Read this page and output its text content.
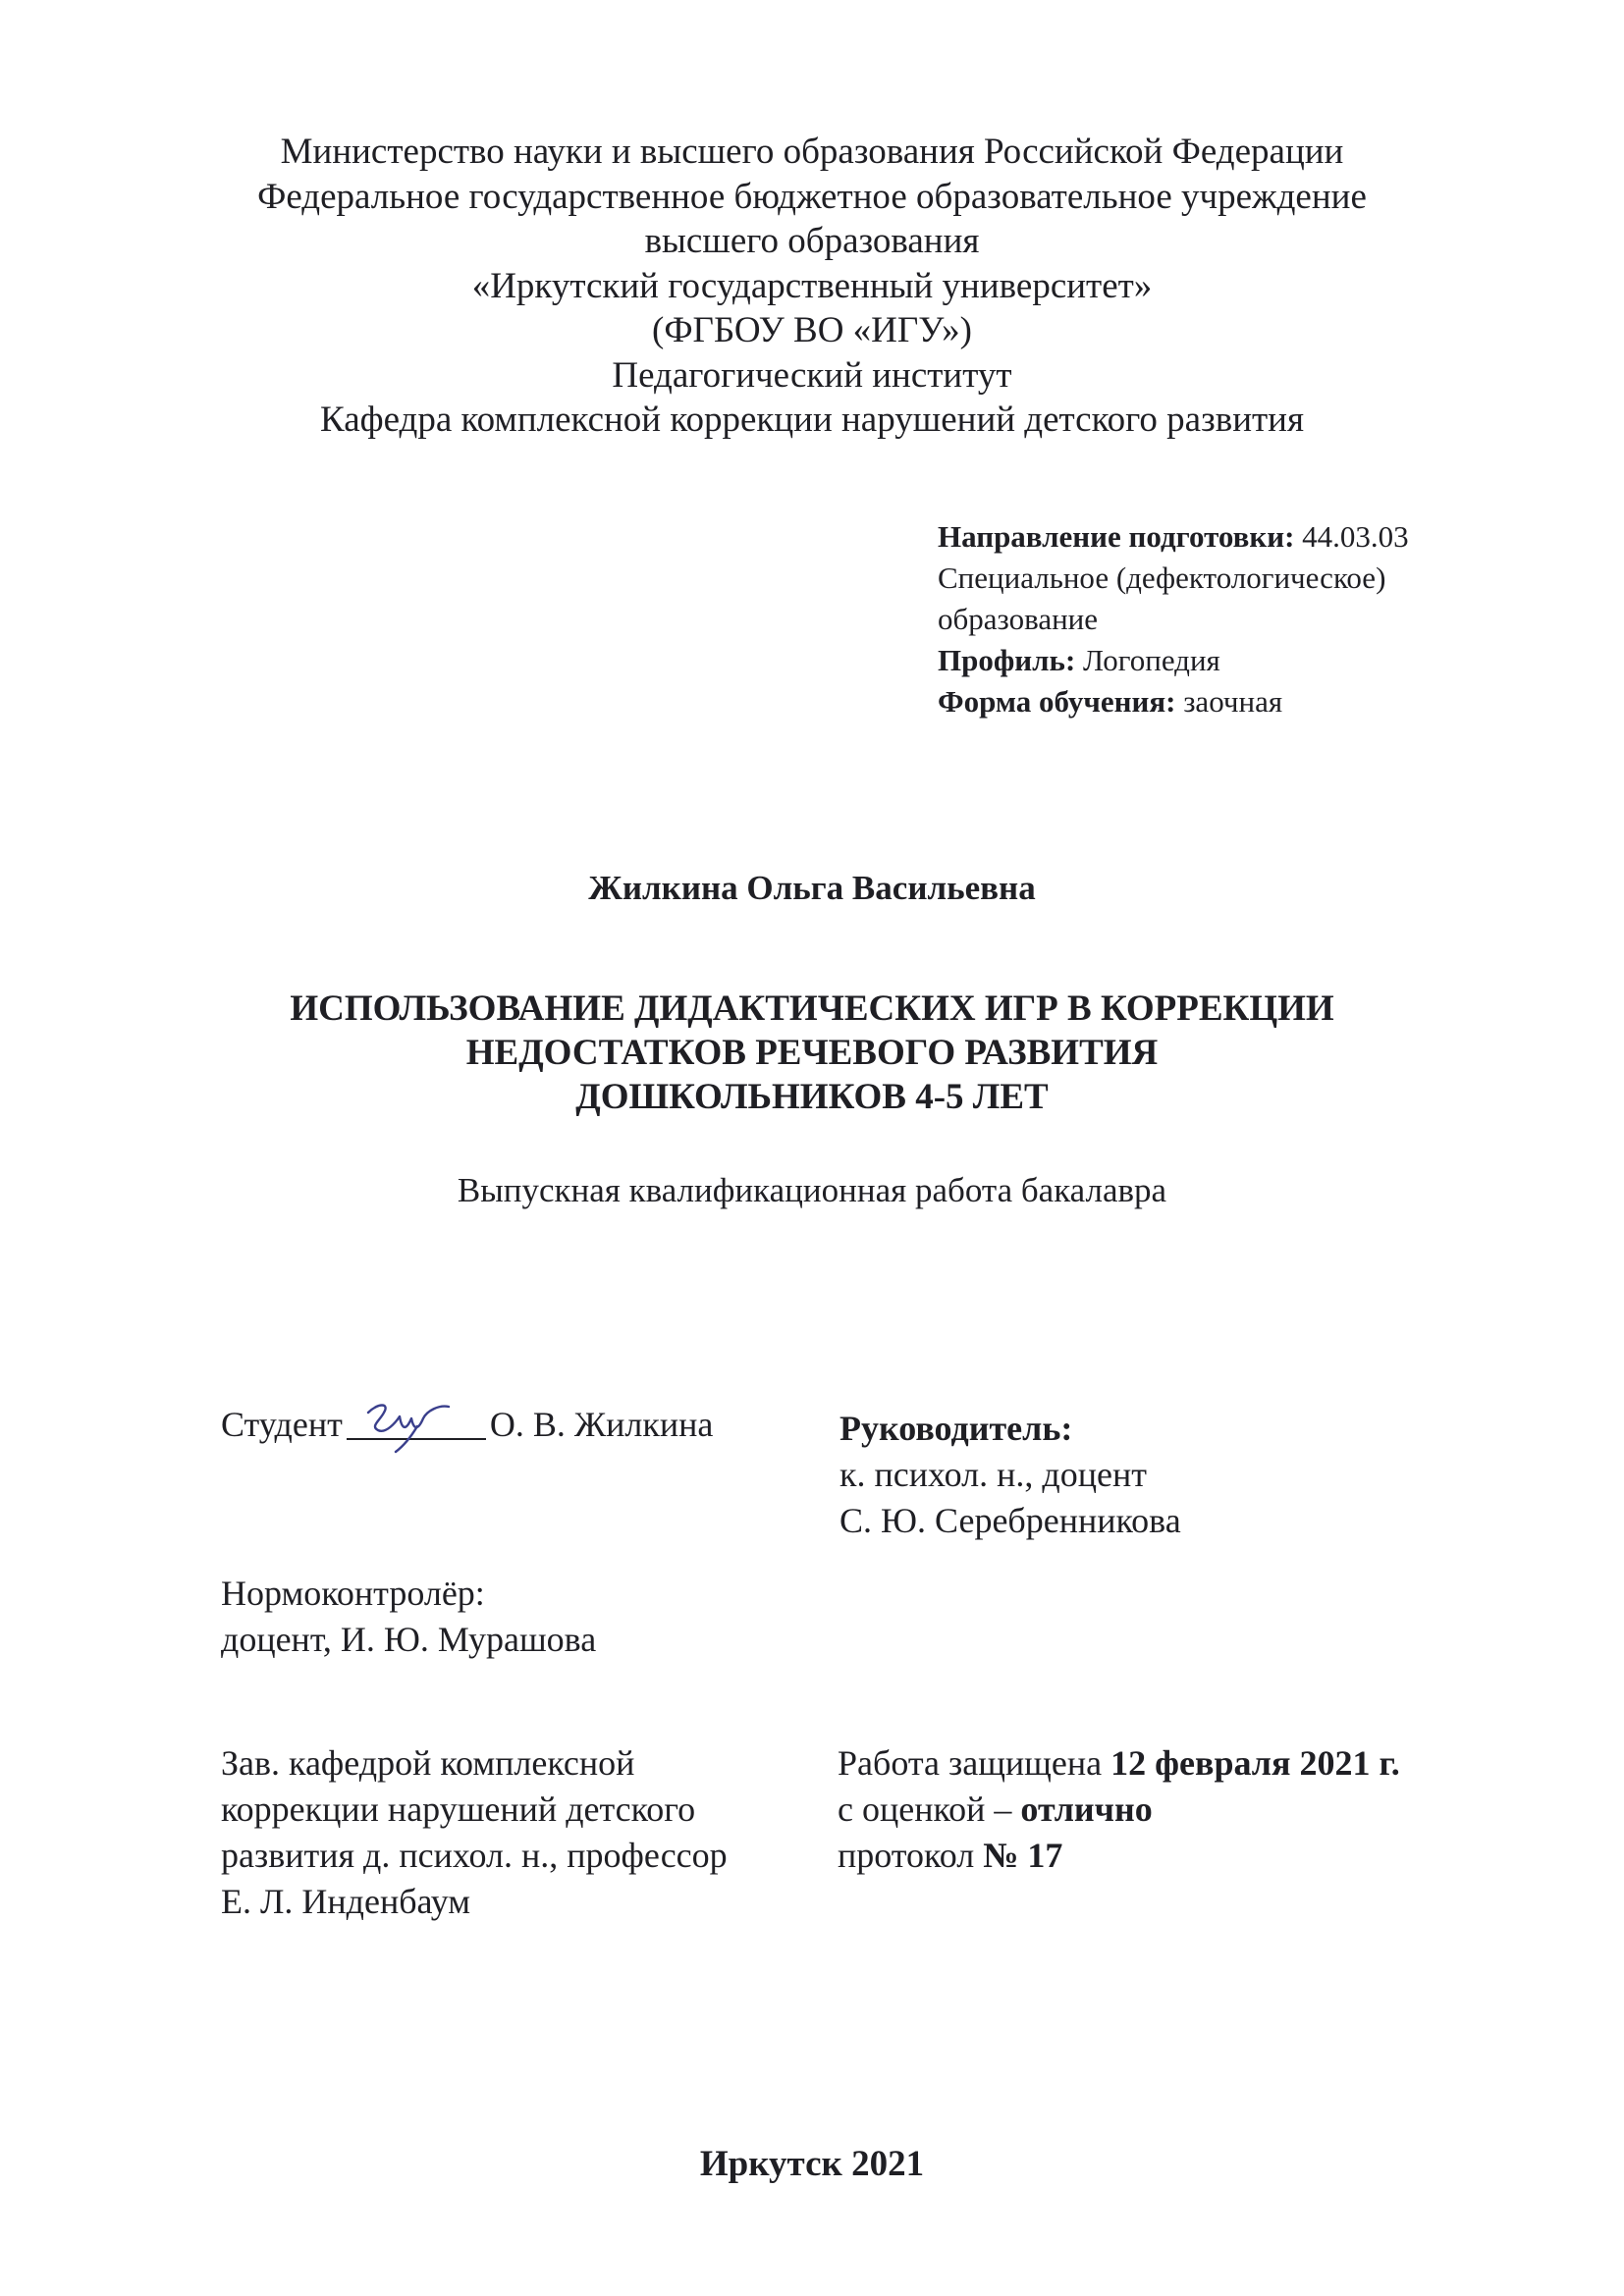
Министерство науки и высшего образования Российской Федерации
Федеральное государственное бюджетное образовательное учреждение
высшего образования
«Иркутский государственный университет»
(ФГБОУ ВО «ИГУ»)
Педагогический институт
Кафедра комплексной коррекции нарушений детского развития
Направление подготовки: 44.03.03
Специальное (дефектологическое)
образование
Профиль: Логопедия
Форма обучения: заочная
Жилкина Ольга Васильевна
ИСПОЛЬЗОВАНИЕ ДИДАКТИЧЕСКИХ ИГР В КОРРЕКЦИИ
НЕДОСТАТКОВ РЕЧЕВОГО РАЗВИТИЯ
ДОШКОЛЬНИКОВ 4-5 ЛЕТ
Выпускная квалификационная работа бакалавра
Студент	О. В. Жилкина	Руководитель:
к. психол. н., доцент
С. Ю. Серебренникова
Нормоконтролёр:
доцент, И. Ю. Мурашова
Зав. кафедрой комплексной
коррекции нарушений детского
развития д. психол. н., профессор
Е. Л. Инденбаум
Работа защищена 12 февраля 2021 г.
с оценкой – отлично
протокол № 17
Иркутск 2021
